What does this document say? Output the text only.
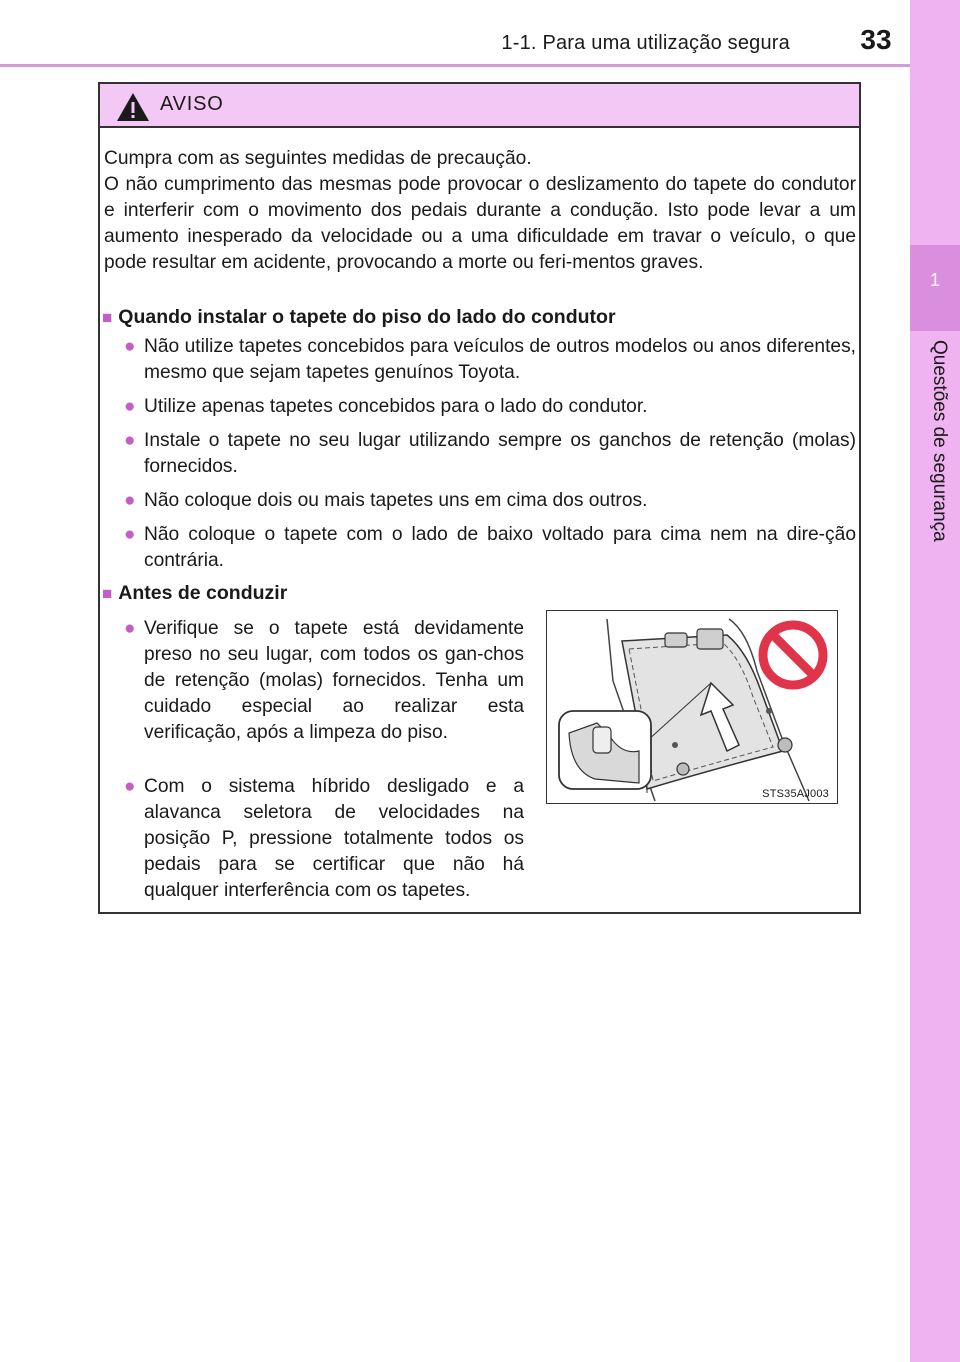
1-1. Para uma utilização segura	33
1
Questões de segurança
AVISO
Cumpra com as seguintes medidas de precaução.
O não cumprimento das mesmas pode provocar o deslizamento do tapete do condutor e interferir com o movimento dos pedais durante a condução. Isto pode levar a um aumento inesperado da velocidade ou a uma dificuldade em travar o veículo, o que pode resultar em acidente, provocando a morte ou feri-mentos graves.
■ Quando instalar o tapete do piso do lado do condutor
● Não utilize tapetes concebidos para veículos de outros modelos ou anos diferentes, mesmo que sejam tapetes genuínos Toyota.
● Utilize apenas tapetes concebidos para o lado do condutor.
● Instale o tapete no seu lugar utilizando sempre os ganchos de retenção (molas) fornecidos.
● Não coloque dois ou mais tapetes uns em cima dos outros.
● Não coloque o tapete com o lado de baixo voltado para cima nem na dire-ção contrária.
■ Antes de conduzir
● Verifique se o tapete está devidamente preso no seu lugar, com todos os gan-chos de retenção (molas) fornecidos. Tenha um cuidado especial ao realizar esta verificação, após a limpeza do piso.
● Com o sistema híbrido desligado e a alavanca seletora de velocidades na posição P, pressione totalmente todos os pedais para se certificar que não há qualquer interferência com os tapetes.
STS35AJ003
